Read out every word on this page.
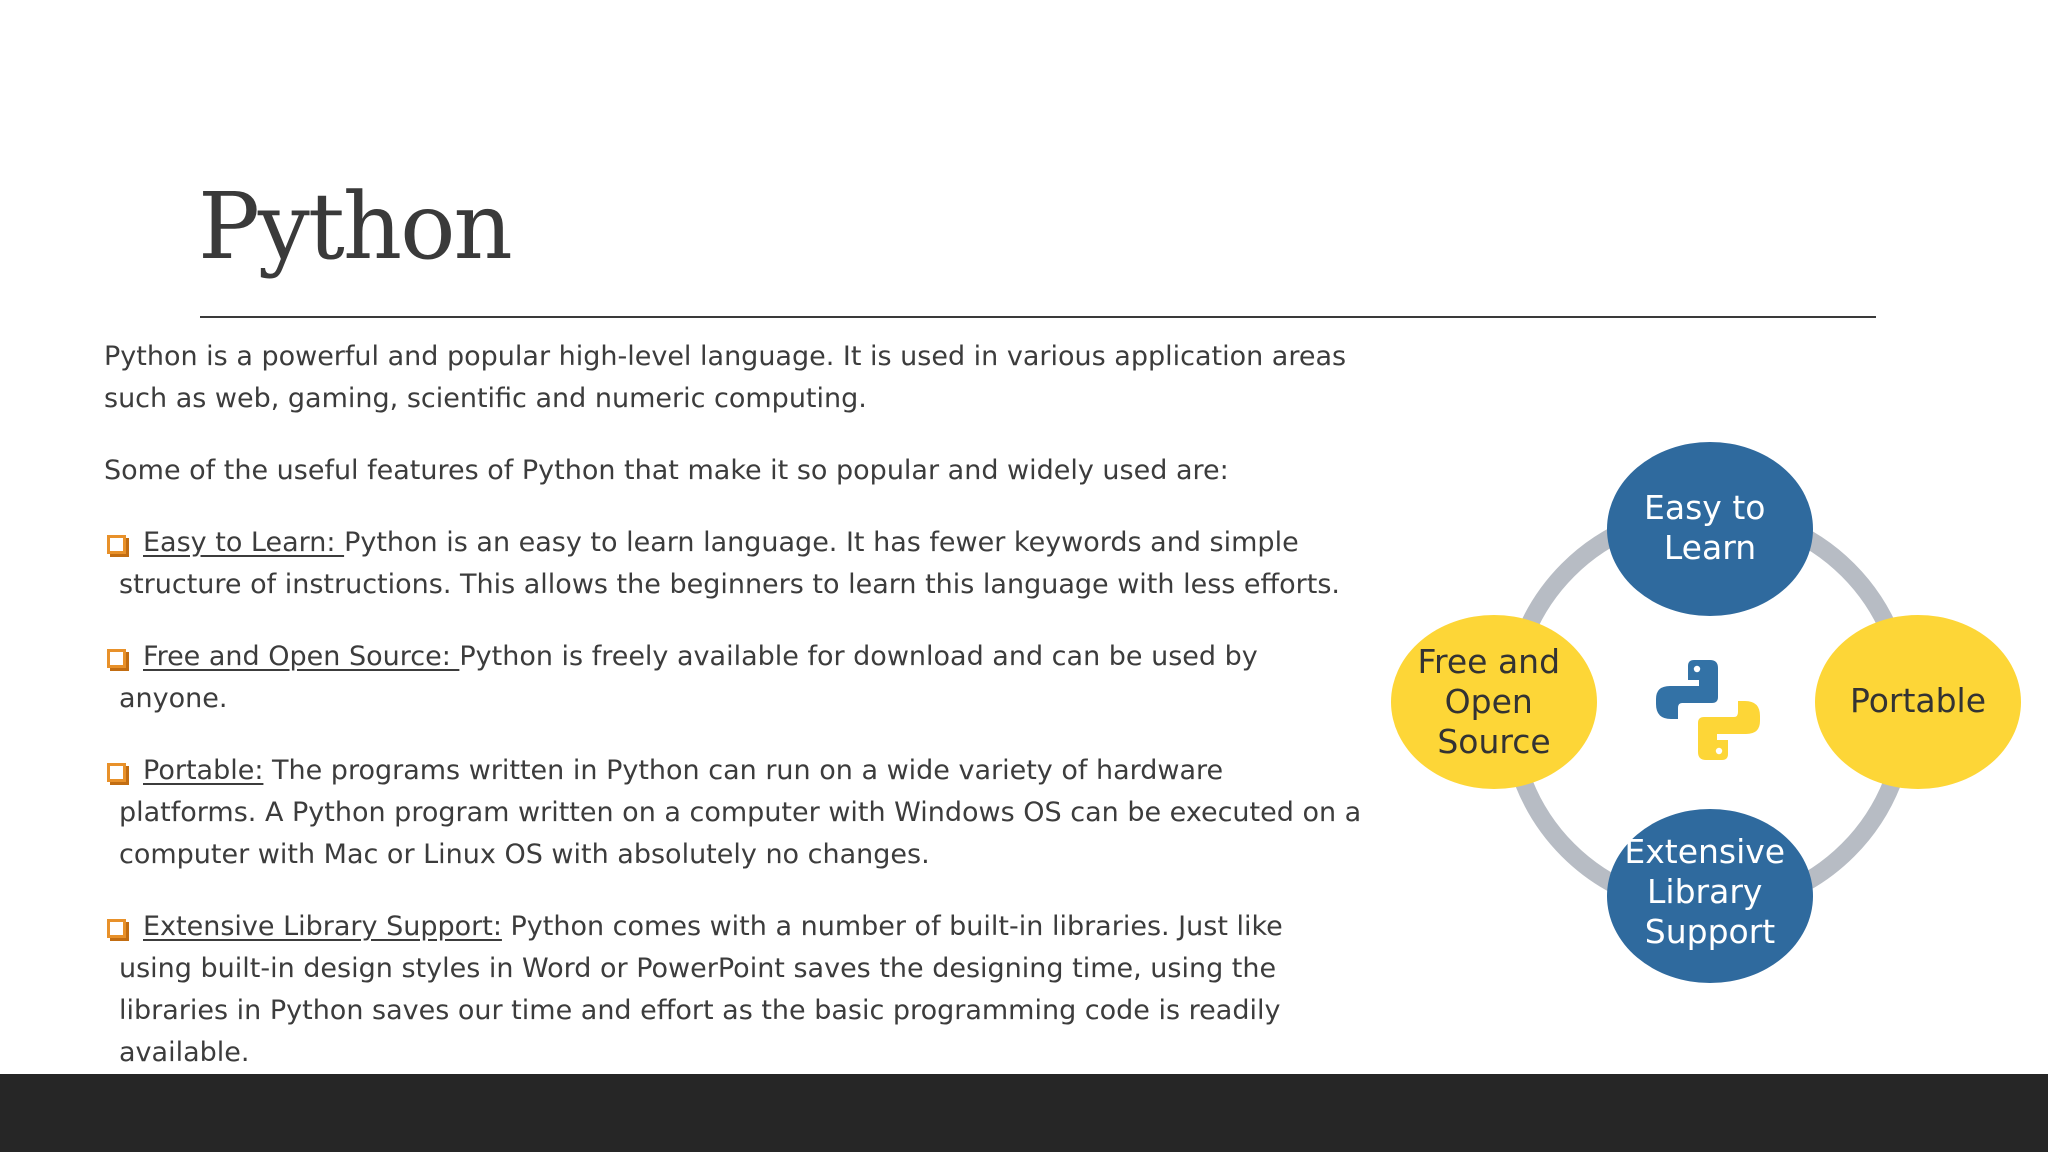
Python

Python is a powerful and popular high-level language. It is used in various application areas such as web, gaming, scientific and numeric computing.

Some of the useful features of Python that make it so popular and widely used are:

Easy to Learn: Python is an easy to learn language. It has fewer keywords and simple structure of instructions. This allows the beginners to learn this language with less efforts.
Free and Open Source: Python is freely available for download and can be used by anyone.
Portable: The programs written in Python can run on a wide variety of hardware platforms. A Python program written on a computer with Windows OS can be executed on a computer with Mac or Linux OS with absolutely no changes.
Extensive Library Support: Python comes with a number of built-in libraries. Just like using built-in design styles in Word or PowerPoint saves the designing time, using the libraries in Python saves our time and effort as the basic programming code is readily available.
Easy to Learn
Free and Open Source
Portable
Extensive Library Support
